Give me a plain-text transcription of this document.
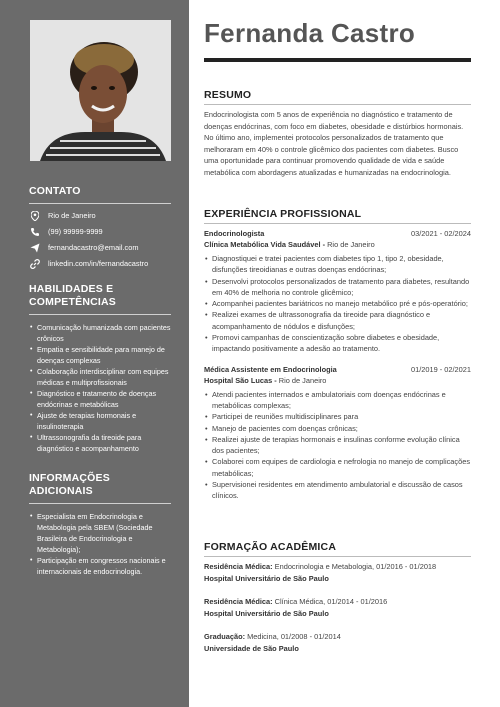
CONTATO
Rio de Janeiro
(99) 99999-9999
fernandacastro@email.com
linkedin.com/in/fernandacastro
HABILIDADES E COMPETÊNCIAS
• Comunicação humanizada com pacientes crônicos
• Empatia e sensibilidade para manejo de doenças complexas
• Colaboração interdisciplinar com equipes médicas e multiprofissionais
• Diagnóstico e tratamento de doenças endócrinas e metabólicas
• Ajuste de terapias hormonais e insulinoterapia
• Ultrassonografia da tireoide para diagnóstico e acompanhamento
INFORMAÇÕES ADICIONAIS
• Especialista em Endocrinologia e Metabologia pela SBEM (Sociedade Brasileira de Endocrinologia e Metabologia);
• Participação em congressos nacionais e internacionais de endocrinologia.
Fernanda Castro
RESUMO
Endocrinologista com 5 anos de experiência no diagnóstico e tratamento de doenças endócrinas, com foco em diabetes, obesidade e distúrbios hormonais. No último ano, implementei protocolos personalizados de tratamento que melhoraram em 40% o controle glicêmico dos pacientes com diabetes. Busco uma oportunidade para continuar promovendo qualidade de vida e saúde metabólica com abordagens atualizadas e humanizadas na endocrinologia.
EXPERIÊNCIA PROFISSIONAL
Endocrinologista	03/2021 - 02/2024
Clínica Metabólica Vida Saudável - Rio de Janeiro
• Diagnostiquei e tratei pacientes com diabetes tipo 1, tipo 2, obesidade, disfunções tireoidianas e outras doenças endócrinas;
• Desenvolvi protocolos personalizados de tratamento para diabetes, resultando em 40% de melhoria no controle glicêmico;
• Acompanhei pacientes bariátricos no manejo metabólico pré e pós-operatório;
• Realizei exames de ultrassonografia da tireoide para diagnóstico e acompanhamento de nódulos e disfunções;
• Promovi campanhas de conscientização sobre diabetes e obesidade, impactando positivamente a adesão ao tratamento.
Médica Assistente em Endocrinologia	01/2019 - 02/2021
Hospital São Lucas - Rio de Janeiro
• Atendi pacientes internados e ambulatoriais com doenças endócrinas e metabólicas complexas;
• Participei de reuniões multidisciplinares para
• Manejo de pacientes com doenças crônicas;
• Realizei ajuste de terapias hormonais e insulinas conforme evolução clínica dos pacientes;
• Colaborei com equipes de cardiologia e nefrologia no manejo de complicações metabólicas;
• Supervisionei residentes em atendimento ambulatorial e discussão de casos clínicos.
FORMAÇÃO ACADÊMICA
Residência Médica: Endocrinologia e Metabologia, 01/2016 - 01/2018
Hospital Universitário de São Paulo
Residência Médica: Clínica Médica, 01/2014 - 01/2016
Hospital Universitário de São Paulo
Graduação: Medicina, 01/2008 - 01/2014
Universidade de São Paulo
